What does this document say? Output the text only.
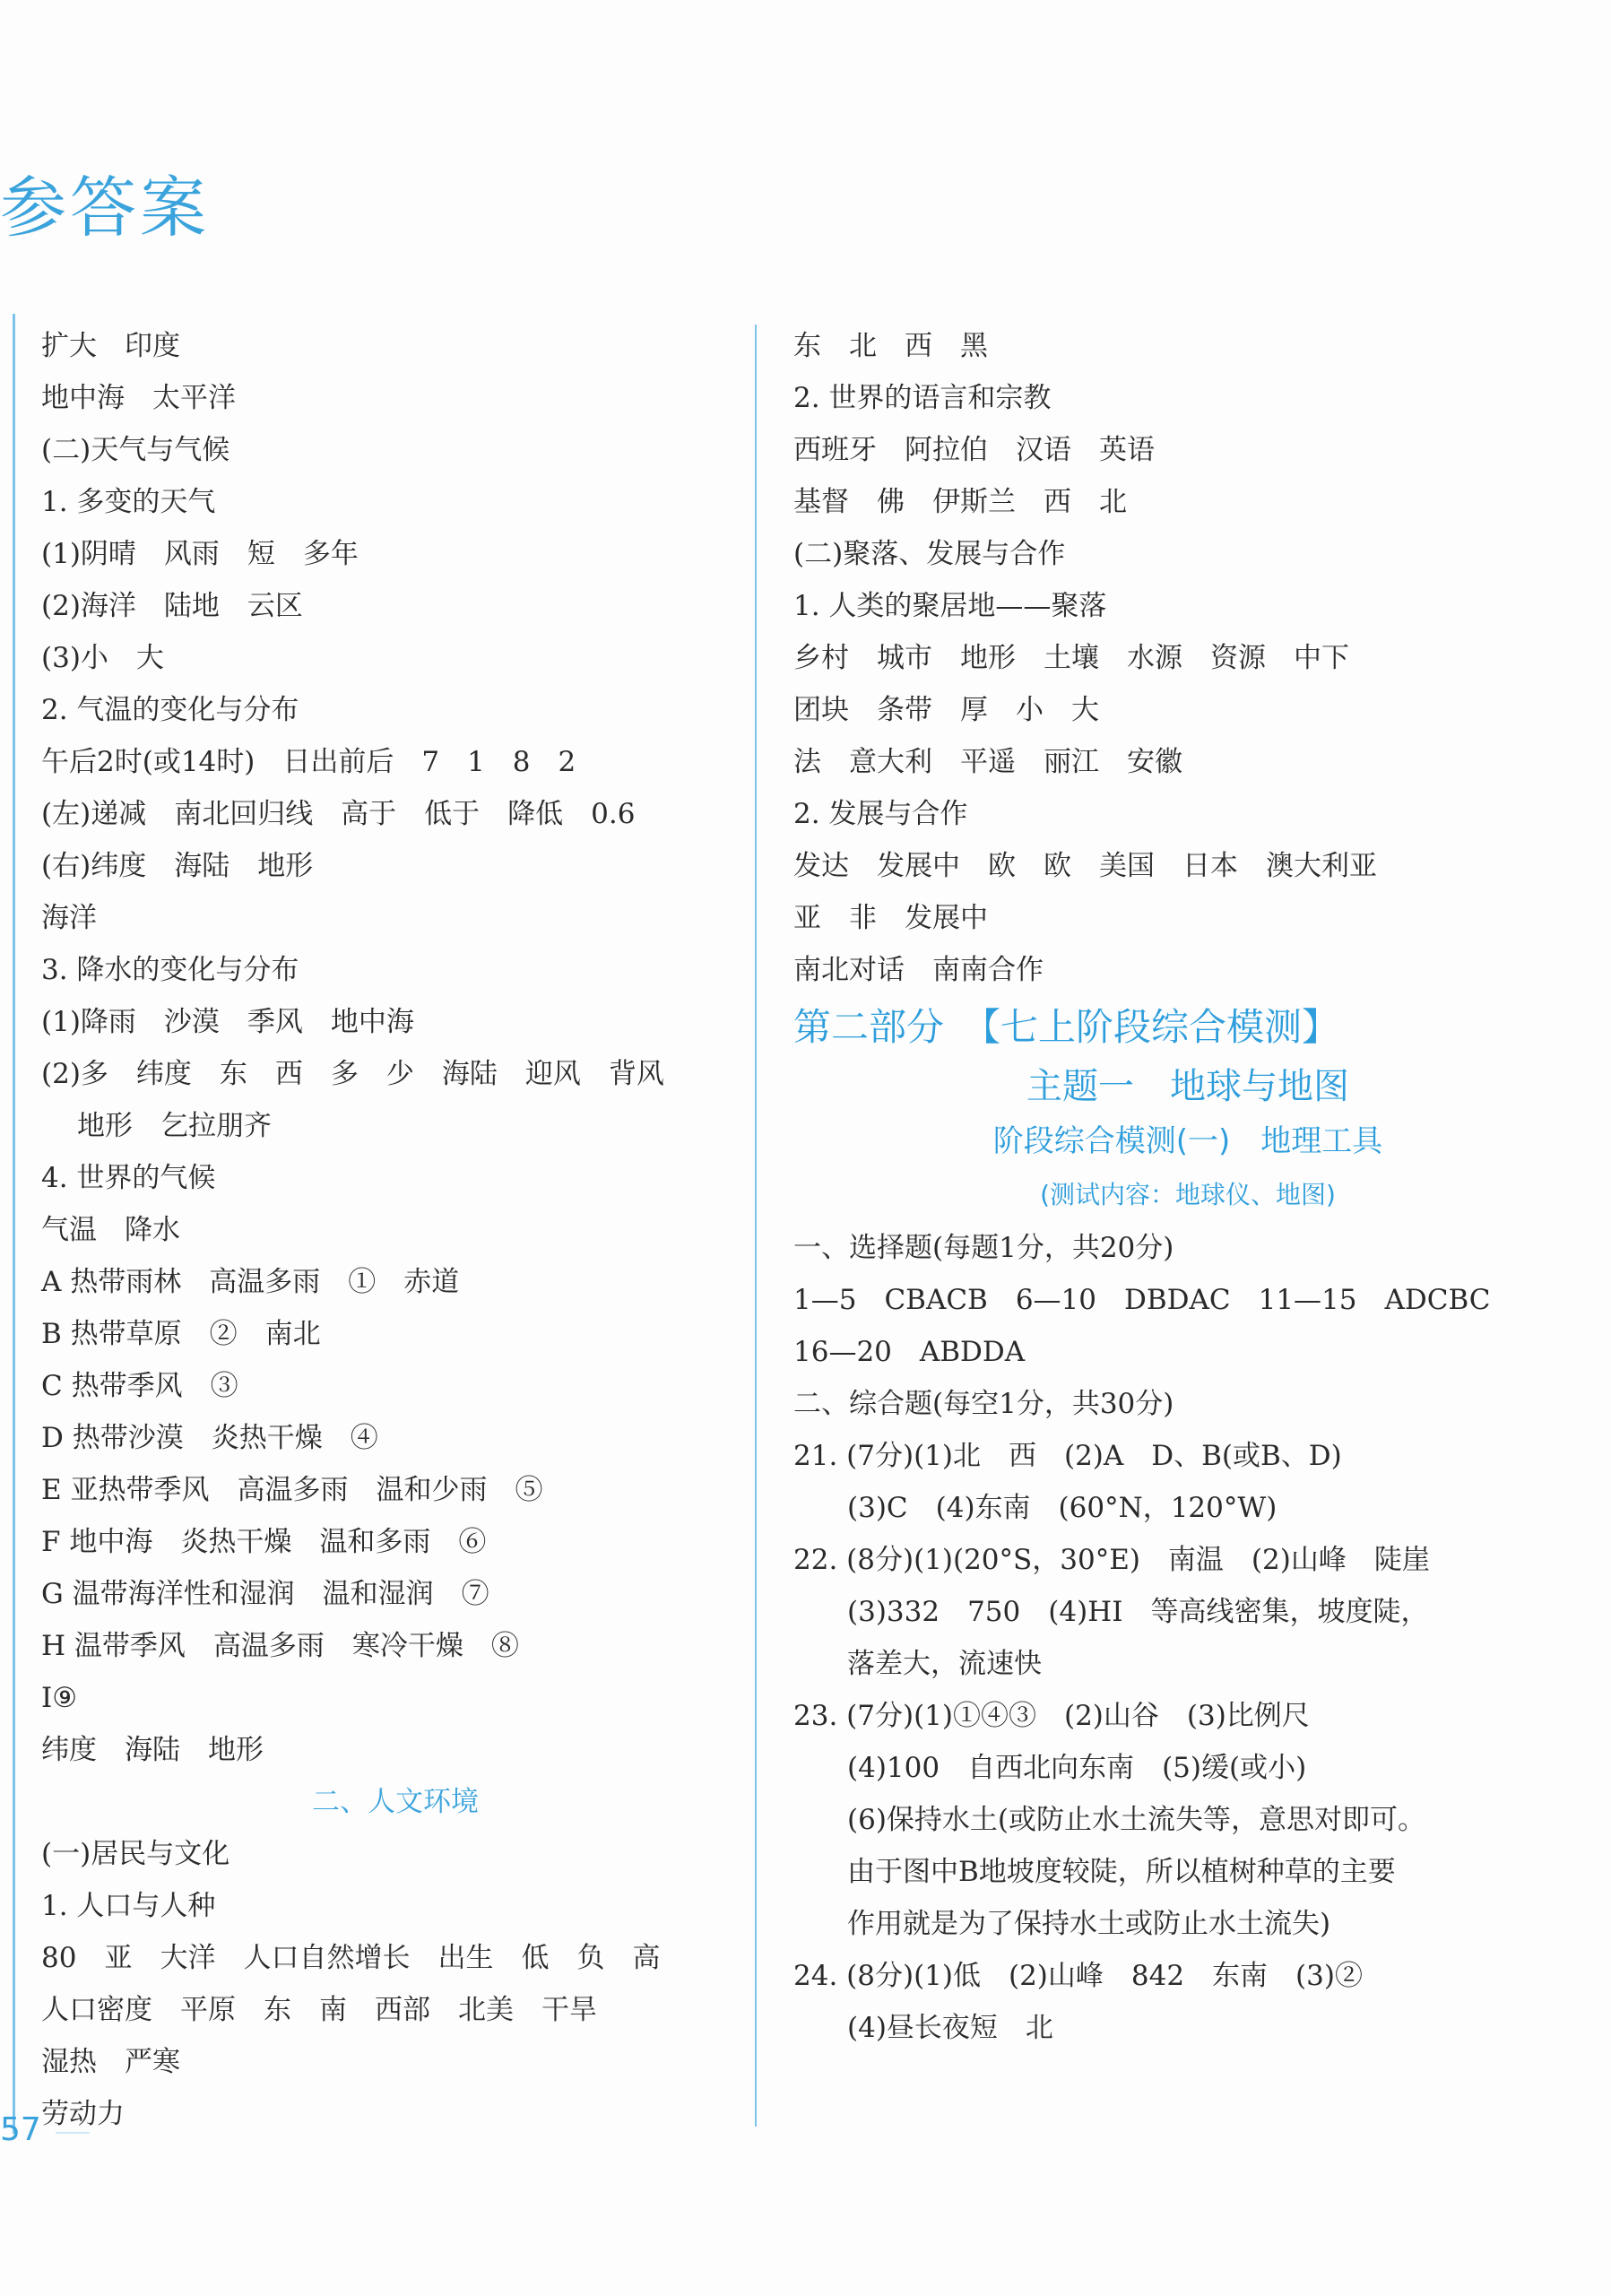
参答案
扩大　印度
地中海　太平洋
(二)天气与气候
1. 多变的天气
(1)阴晴　风雨　短　多年
(2)海洋　陆地　云区
(3)小　大
2. 气温的变化与分布
午后2时(或14时)　日出前后　7　1　8　2
(左)递减　南北回归线　高于　低于　降低　0.6
(右)纬度　海陆　地形
海洋
3. 降水的变化与分布
(1)降雨　沙漠　季风　地中海
(2)多　纬度　东　西　多　少　海陆　迎风　背风
地形　乞拉朋齐
4. 世界的气候
气温　降水
A 热带雨林　高温多雨　①　赤道
B 热带草原　②　南北
C 热带季风　③
D 热带沙漠　炎热干燥　④
E 亚热带季风　高温多雨　温和少雨　⑤
F 地中海　炎热干燥　温和多雨　⑥
G 温带海洋性和湿润　温和湿润　⑦
H 温带季风　高温多雨　寒冷干燥　⑧
I⑨
纬度　海陆　地形
二、人文环境
(一)居民与文化
1. 人口与人种
80　亚　大洋　人口自然增长　出生　低　负　高
人口密度　平原　东　南　西部　北美　干旱
湿热　严寒
劳动力
东　北　西　黑
2. 世界的语言和宗教
西班牙　阿拉伯　汉语　英语
基督　佛　伊斯兰　西　北
(二)聚落、发展与合作
1. 人类的聚居地——聚落
乡村　城市　地形　土壤　水源　资源　中下
团块　条带　厚　小　大
法　意大利　平遥　丽江　安徽
2. 发展与合作
发达　发展中　欧　欧　美国　日本　澳大利亚
亚　非　发展中
南北对话　南南合作
第二部分　【七上阶段综合模测】
主题一　地球与地图
阶段综合模测(一)　地理工具
(测试内容：地球仪、地图)
一、选择题(每题1分，共20分)
1—5　CBACB　6—10　DBDAC　11—15　ADCBC
16—20　ABDDA
二、综合题(每空1分，共30分)
21. (7分)(1)北　西　(2)A　D、B(或B、D)
(3)C　(4)东南　(60°N，120°W)
22. (8分)(1)(20°S，30°E)　南温　(2)山峰　陡崖
(3)332　750　(4)HI　等高线密集，坡度陡，
落差大，流速快
23. (7分)(1)①④③　(2)山谷　(3)比例尺
(4)100　自西北向东南　(5)缓(或小)
(6)保持水土(或防止水土流失等，意思对即可。
由于图中B地坡度较陡，所以植树种草的主要
作用就是为了保持水土或防止水土流失)
24. (8分)(1)低　(2)山峰　842　东南　(3)②
(4)昼长夜短　北
57
